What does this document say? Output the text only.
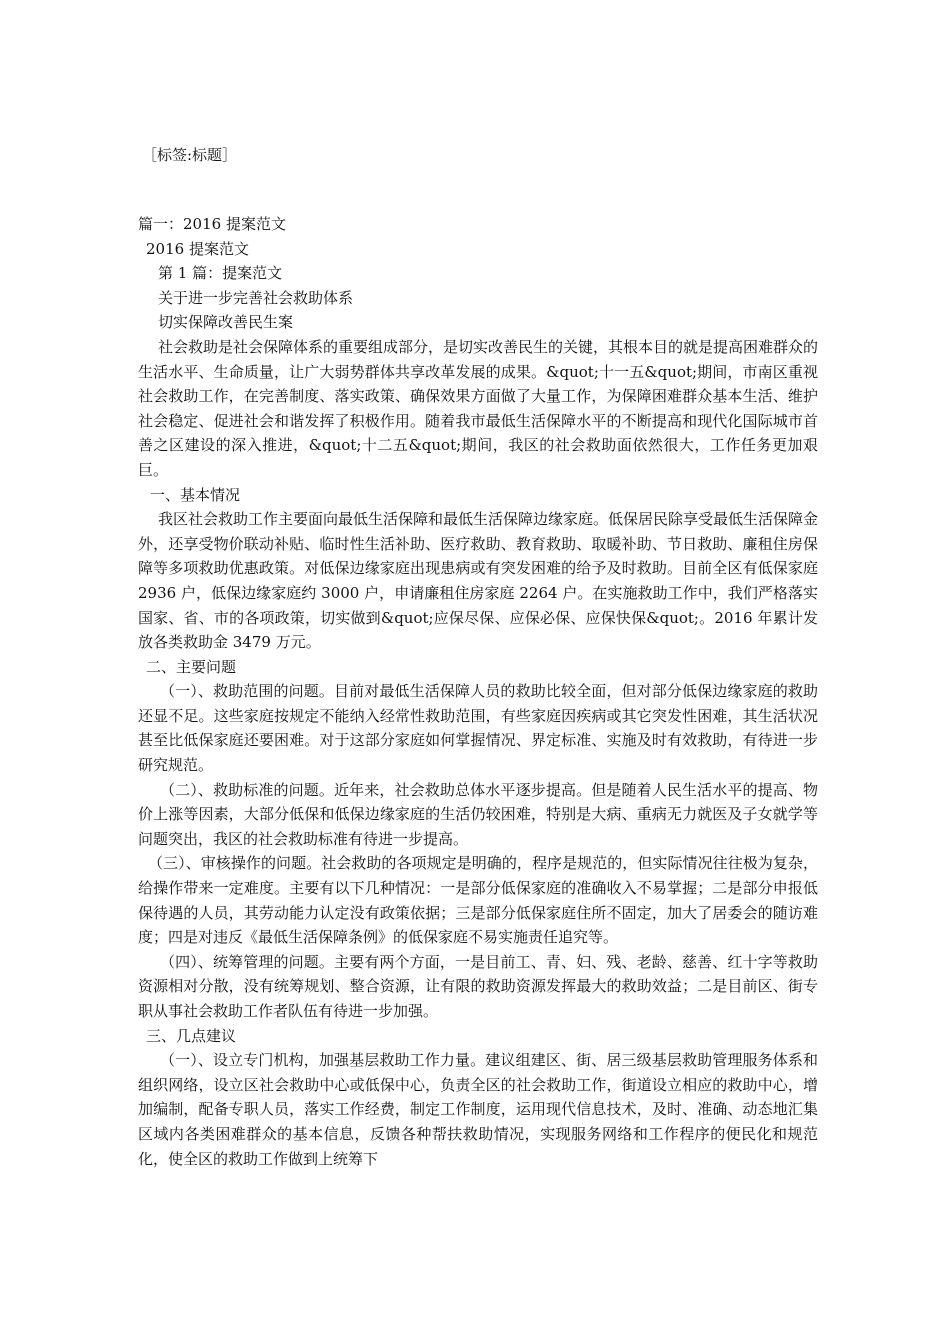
［标签:标题］

篇一：2016 提案范文

2016 提案范文

第 1 篇：提案范文

关于进一步完善社会救助体系

切实保障改善民生案

社会救助是社会保障体系的重要组成部分，是切实改善民生的关键，其根本目的就是提高困难群众的生活水平、生命质量，让广大弱势群体共享改革发展的成果。&quot;十一五&quot;期间，市南区重视社会救助工作，在完善制度、落实政策、确保效果方面做了大量工作，为保障困难群众基本生活、维护社会稳定、促进社会和谐发挥了积极作用。随着我市最低生活保障水平的不断提高和现代化国际城市首善之区建设的深入推进，&quot;十二五&quot;期间，我区的社会救助面依然很大，工作任务更加艰巨。

一、基本情况

我区社会救助工作主要面向最低生活保障和最低生活保障边缘家庭。低保居民除享受最低生活保障金外，还享受物价联动补贴、临时性生活补助、医疗救助、教育救助、取暖补助、节日救助、廉租住房保障等多项救助优惠政策。对低保边缘家庭出现患病或有突发困难的给予及时救助。目前全区有低保家庭 2936 户，低保边缘家庭约 3000 户，申请廉租住房家庭 2264 户。在实施救助工作中，我们严格落实国家、省、市的各项政策，切实做到&quot;应保尽保、应保必保、应保快保&quot;。2016 年累计发放各类救助金 3479 万元。

二、主要问题

（一）、救助范围的问题。目前对最低生活保障人员的救助比较全面，但对部分低保边缘家庭的救助还显不足。这些家庭按规定不能纳入经常性救助范围，有些家庭因疾病或其它突发性困难，其生活状况甚至比低保家庭还要困难。对于这部分家庭如何掌握情况、界定标准、实施及时有效救助，有待进一步研究规范。

（二）、救助标准的问题。近年来，社会救助总体水平逐步提高。但是随着人民生活水平的提高、物价上涨等因素，大部分低保和低保边缘家庭的生活仍较困难，特别是大病、重病无力就医及子女就学等问题突出，我区的社会救助标准有待进一步提高。

（三）、审核操作的问题。社会救助的各项规定是明确的，程序是规范的，但实际情况往往极为复杂，给操作带来一定难度。主要有以下几种情况：一是部分低保家庭的准确收入不易掌握；二是部分申报低保待遇的人员，其劳动能力认定没有政策依据；三是部分低保家庭住所不固定，加大了居委会的随访难度；四是对违反《最低生活保障条例》的低保家庭不易实施责任追究等。

（四）、统筹管理的问题。主要有两个方面，一是目前工、青、妇、残、老龄、慈善、红十字等救助资源相对分散，没有统筹规划、整合资源，让有限的救助资源发挥最大的救助效益；二是目前区、街专职从事社会救助工作者队伍有待进一步加强。

三、几点建议

（一）、设立专门机构，加强基层救助工作力量。建议组建区、街、居三级基层救助管理服务体系和组织网络，设立区社会救助中心或低保中心，负责全区的社会救助工作，街道设立相应的救助中心，增加编制，配备专职人员，落实工作经费，制定工作制度，运用现代信息技术，及时、准确、动态地汇集区域内各类困难群众的基本信息，反馈各种帮扶救助情况，实现服务网络和工作程序的便民化和规范化，使全区的救助工作做到上统筹下
